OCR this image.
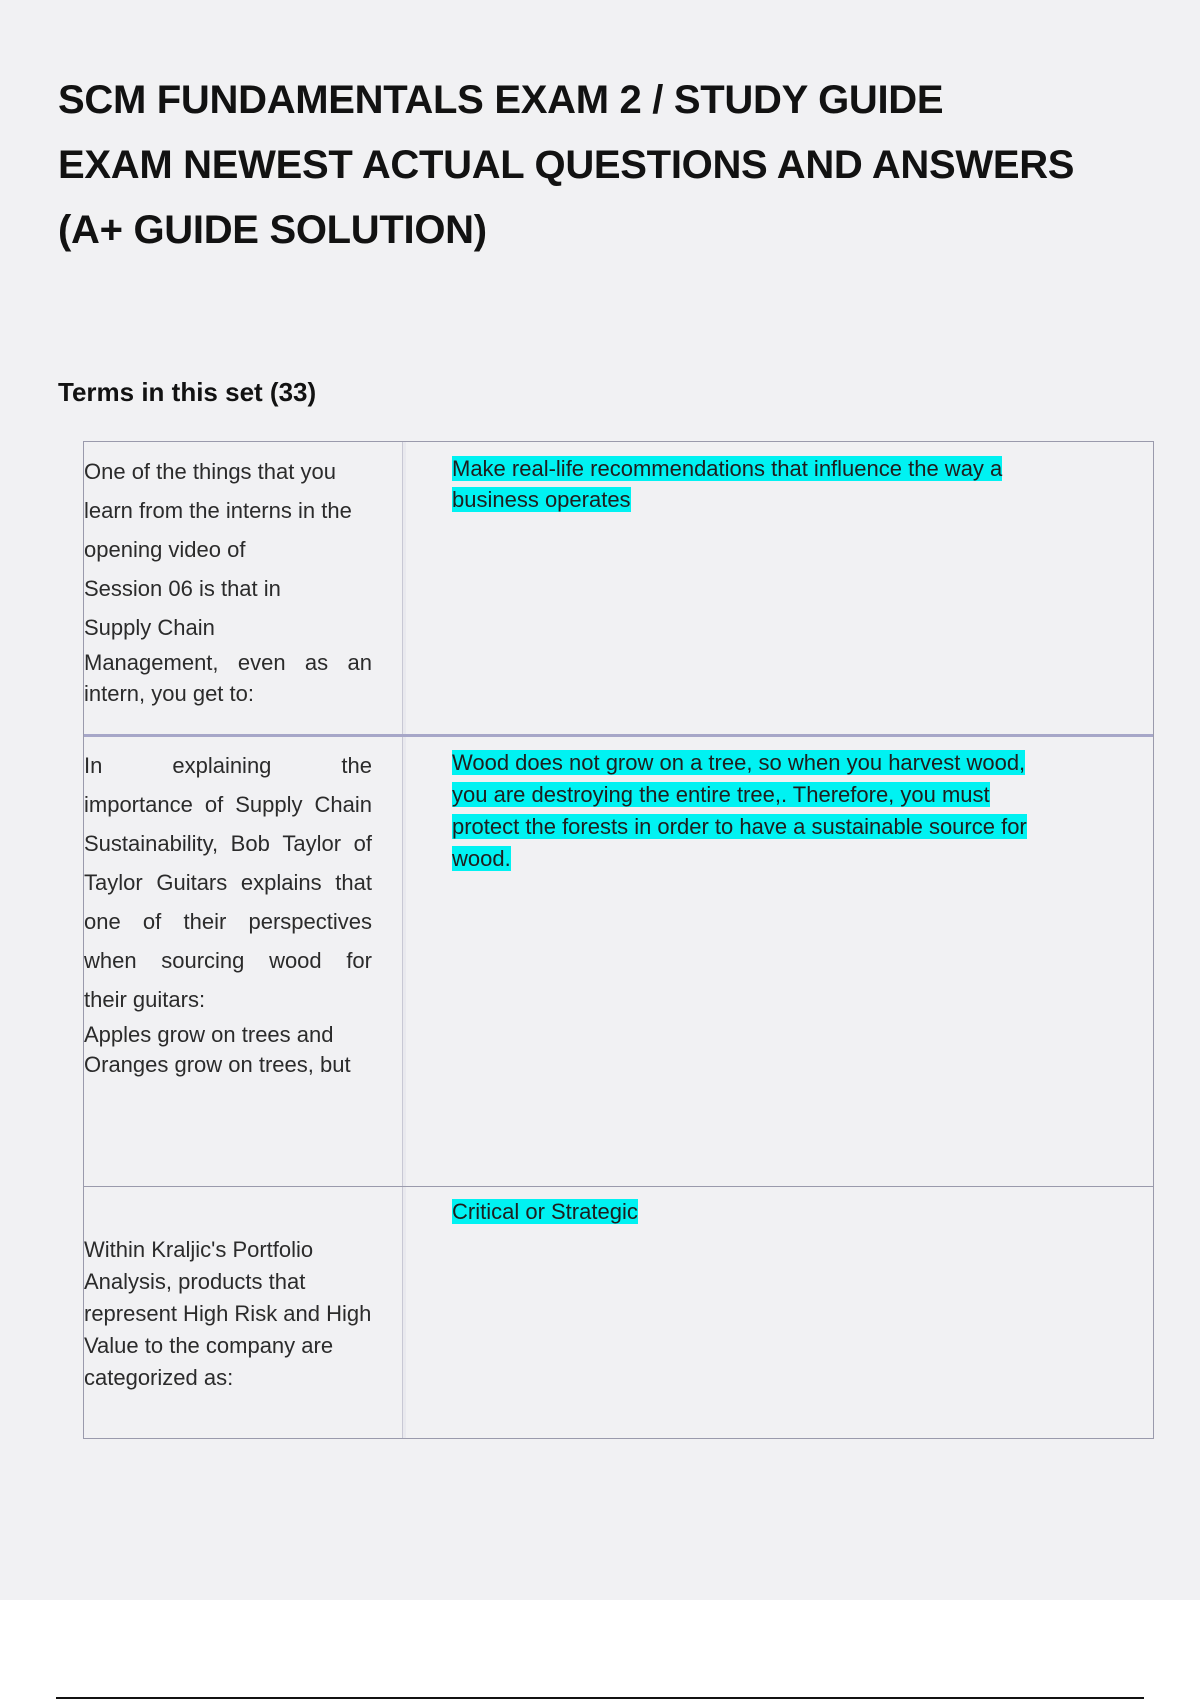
SCM FUNDAMENTALS EXAM 2 / STUDY GUIDE
EXAM NEWEST ACTUAL QUESTIONS AND ANSWERS
(A+ GUIDE SOLUTION)
Terms in this set (33)
One of the things that you
learn from the interns in the
opening video of
Session 06 is that in
Supply Chain
Management, even as an
intern, you get to:
Make real-life recommendations that influence the way a
business operates
In	explaining	the
importance of Supply Chain
Sustainability, Bob Taylor of
Taylor Guitars explains that
one of their perspectives
when sourcing wood for
their guitars:
Apples grow on trees and
Oranges grow on trees, but
Wood does not grow on a tree, so when you harvest wood,
you are destroying the entire tree,. Therefore, you must
protect the forests in order to have a sustainable source for
wood.
Within Kraljic's Portfolio
Analysis, products that
represent High Risk and High
Value to the company are
categorized as:
Critical or Strategic
